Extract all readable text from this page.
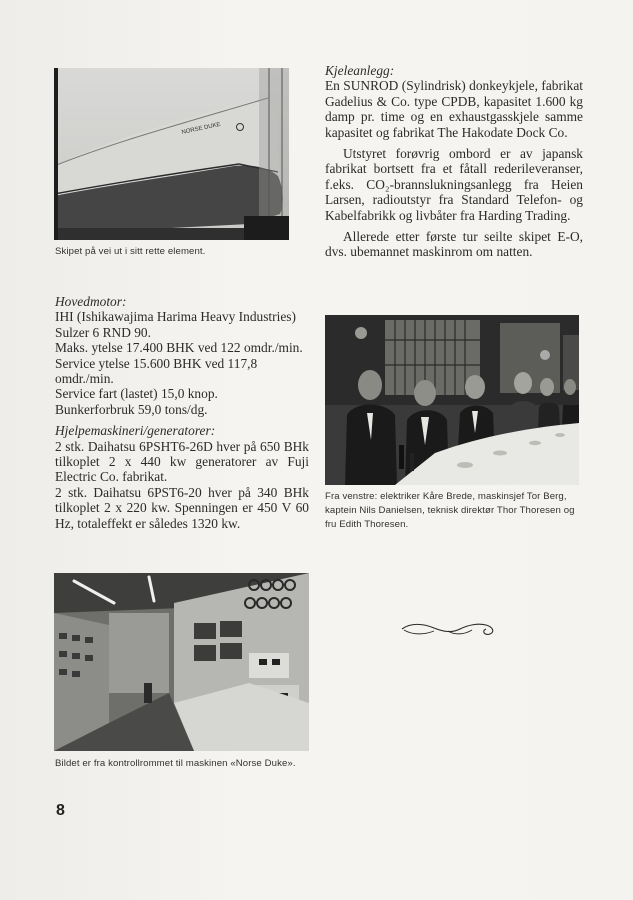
NORSE DUKE
Skipet på vei ut i sitt rette element.

Kjeleanlegg:

En SUNROD (Sylindrisk) donkeykjele, fabrikat Gadelius & Co. type CPDB, kapasitet 1.600 kg damp pr. time og en exhaustgasskjele samme kapasitet og fabrikat The Hakodate Dock Co.

Utstyret forøvrig ombord er av japansk fabrikat bortsett fra et fåtall rederileveranser, f.eks. CO₂-brannslukningsanlegg fra Heien Larsen, radioutstyr fra Standard Telefon- og Kabelfabrikk og livbåter fra Harding Trading.

Allerede etter første tur seilte skipet E-O, dvs. ubemannet maskinrom om natten.

Hovedmotor:

IHI (Ishikawajima Harima Heavy Industries) Sulzer 6 RND 90.

Maks. ytelse 17.400 BHK ved 122 omdr./min.

Service ytelse 15.600 BHK ved 117,8 omdr./min.

Service fart (lastet) 15,0 knop.

Bunkerforbruk 59,0 tons/dg.

Hjelpemaskineri/generatorer:

2 stk. Daihatsu 6PSHT6-26D hver på 650 BHk tilkoplet 2 x 440 kw generatorer av Fuji Electric Co. fabrikat.

2 stk. Daihatsu 6PST6-20 hver på 340 BHk tilkoplet 2 x 220 kw. Spenningen er 450 V 60 Hz, totaleffekt er således 1320 kw.

Fra venstre: elektriker Kåre Brede, maskinsjef Tor Berg, kaptein Nils Danielsen, teknisk direktør Thor Thoresen og fru Edith Thoresen.
Bildet er fra kontrollrommet til maskinen «Norse Duke».
8
